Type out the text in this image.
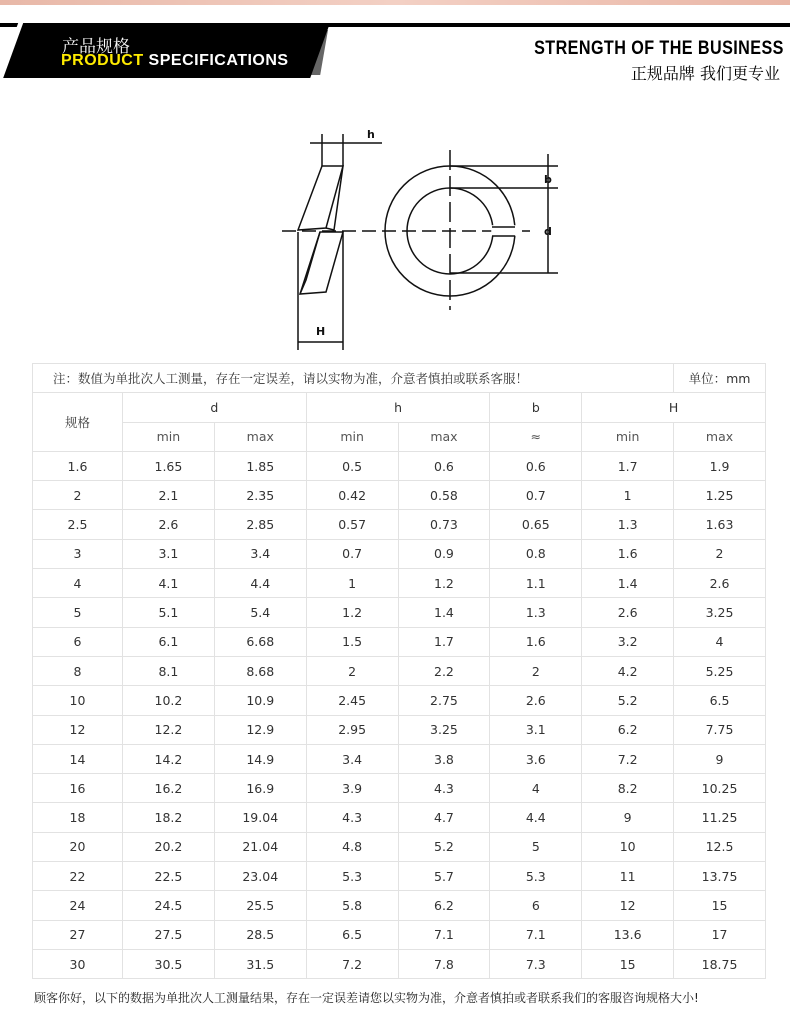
产品规格
PRODUCT SPECIFICATIONS
STRENGTH OF THE BUSINESS
正规品牌 我们更专业
h
H
b
d
注：数值为单批次人工测量，存在一定误差，请以实物为准，介意者慎拍或联系客服！							单位：mm
规格	d		h		b	H	
	min	max	min	max	≈	min	max
1.6	1.65	1.85	0.5	0.6	0.6	1.7	1.9
2	2.1	2.35	0.42	0.58	0.7	1	1.25
2.5	2.6	2.85	0.57	0.73	0.65	1.3	1.63
3	3.1	3.4	0.7	0.9	0.8	1.6	2
4	4.1	4.4	1	1.2	1.1	1.4	2.6
5	5.1	5.4	1.2	1.4	1.3	2.6	3.25
6	6.1	6.68	1.5	1.7	1.6	3.2	4
8	8.1	8.68	2	2.2	2	4.2	5.25
10	10.2	10.9	2.45	2.75	2.6	5.2	6.5
12	12.2	12.9	2.95	3.25	3.1	6.2	7.75
14	14.2	14.9	3.4	3.8	3.6	7.2	9
16	16.2	16.9	3.9	4.3	4	8.2	10.25
18	18.2	19.04	4.3	4.7	4.4	9	11.25
20	20.2	21.04	4.8	5.2	5	10	12.5
22	22.5	23.04	5.3	5.7	5.3	11	13.75
24	24.5	25.5	5.8	6.2	6	12	15
27	27.5	28.5	6.5	7.1	7.1	13.6	17
30	30.5	31.5	7.2	7.8	7.3	15	18.75
顾客你好，以下的数据为单批次人工测量结果，存在一定误差请您以实物为准，介意者慎拍或者联系我们的客服咨询规格大小!
